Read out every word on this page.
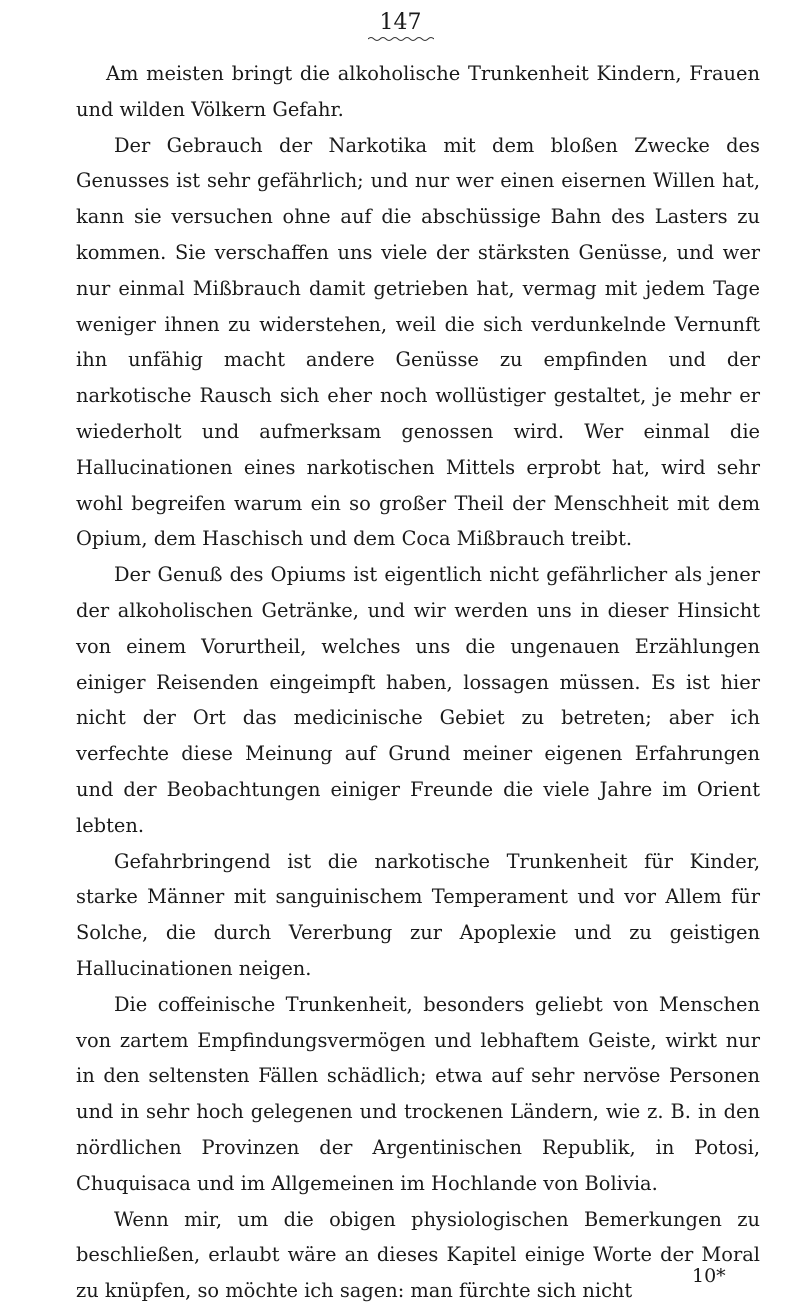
147

Am meisten bringt die alkoholische Trunkenheit Kindern, Frauen und wilden Völkern Gefahr.

Der Gebrauch der Narkotika mit dem bloßen Zwecke des Genusses ist sehr gefährlich; und nur wer einen eisernen Willen hat, kann sie versuchen ohne auf die abschüssige Bahn des Lasters zu kommen. Sie verschaffen uns viele der stärksten Genüsse, und wer nur einmal Mißbrauch damit getrieben hat, vermag mit jedem Tage weniger ihnen zu widerstehen, weil die sich verdunkelnde Vernunft ihn unfähig macht andere Genüsse zu empfinden und der narkotische Rausch sich eher noch wollüstiger gestaltet, je mehr er wiederholt und aufmerksam genossen wird. Wer einmal die Hallucinationen eines narkotischen Mittels erprobt hat, wird sehr wohl begreifen warum ein so großer Theil der Menschheit mit dem Opium, dem Haschisch und dem Coca Mißbrauch treibt.

Der Genuß des Opiums ist eigentlich nicht gefährlicher als jener der alkoholischen Getränke, und wir werden uns in dieser Hinsicht von einem Vorurtheil, welches uns die ungenauen Erzählungen einiger Reisenden eingeimpft haben, lossagen müssen. Es ist hier nicht der Ort das medicinische Gebiet zu betreten; aber ich verfechte diese Meinung auf Grund meiner eigenen Erfahrungen und der Beobachtungen einiger Freunde die viele Jahre im Orient lebten.

Gefahrbringend ist die narkotische Trunkenheit für Kinder, starke Männer mit sanguinischem Temperament und vor Allem für Solche, die durch Vererbung zur Apoplexie und zu geistigen Hallucinationen neigen.

Die coffeinische Trunkenheit, besonders geliebt von Menschen von zartem Empfindungsvermögen und lebhaftem Geiste, wirkt nur in den seltensten Fällen schädlich; etwa auf sehr nervöse Personen und in sehr hoch gelegenen und trockenen Ländern, wie z. B. in den nördlichen Provinzen der Argentinischen Republik, in Potosi, Chuquisaca und im Allgemeinen im Hochlande von Bolivia.

Wenn mir, um die obigen physiologischen Bemerkungen zu beschließen, erlaubt wäre an dieses Kapitel einige Worte der Moral zu knüpfen, so möchte ich sagen: man fürchte sich nicht

10*
